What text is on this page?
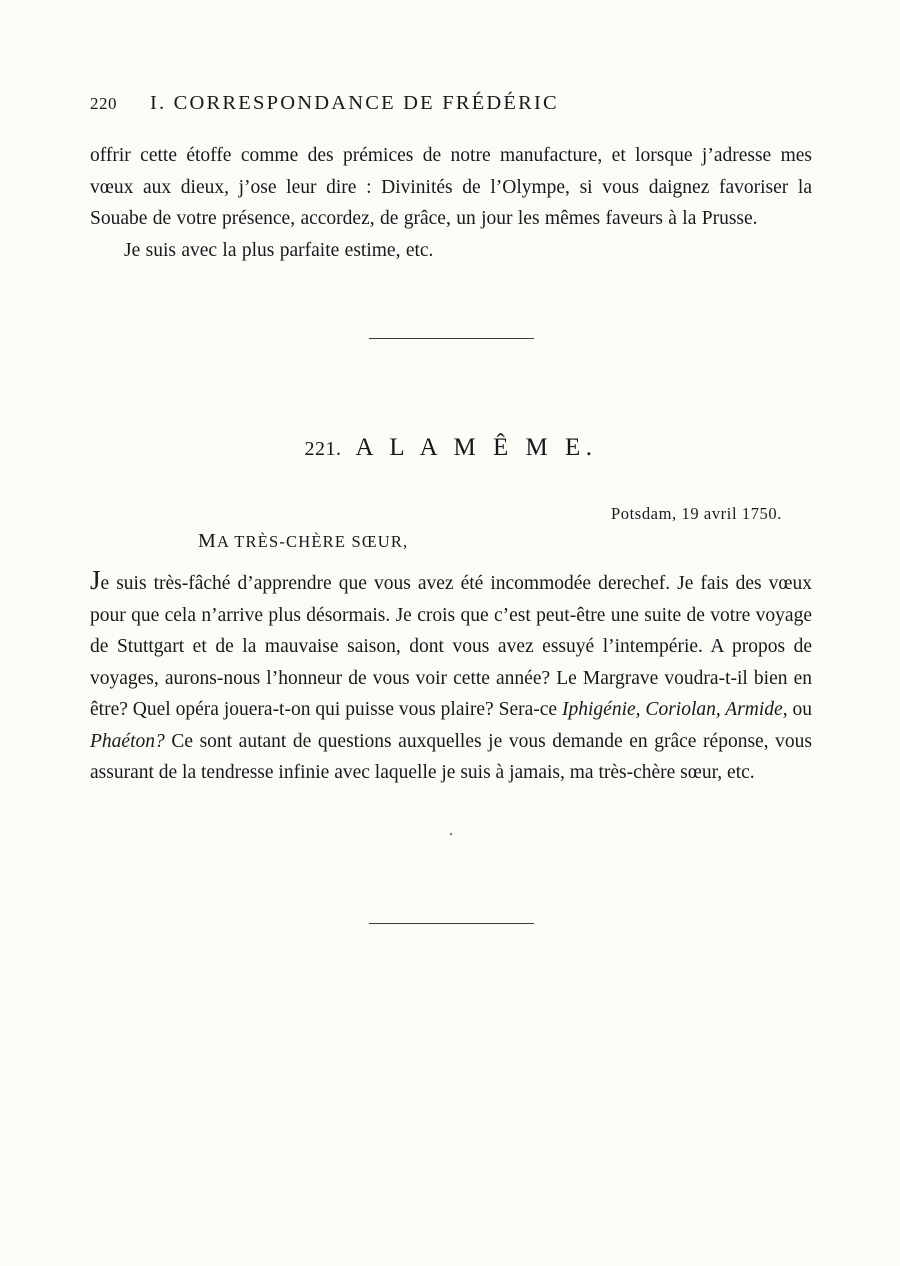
220	I. CORRESPONDANCE DE FRÉDÉRIC

offrir cette étoffe comme des prémices de notre manufacture, et lorsque j’adresse mes vœux aux dieux, j’ose leur dire : Divinités de l’Olympe, si vous daignez favoriser la Souabe de votre présence, accordez, de grâce, un jour les mêmes faveurs à la Prusse.

Je suis avec la plus parfaite estime, etc.

221. A L A M Ê M E.
Potsdam, 19 avril 1750.
MA TRÈS-CHÈRE SŒUR,

Je suis très-fâché d’apprendre que vous avez été incommodée derechef. Je fais des vœux pour que cela n’arrive plus désormais. Je crois que c’est peut-être une suite de votre voyage de Stuttgart et de la mauvaise saison, dont vous avez essuyé l’intempérie. A propos de voyages, aurons-nous l’honneur de vous voir cette année? Le Margrave voudra-t-il bien en être? Quel opéra jouera-t-on qui puisse vous plaire? Sera-ce Iphigénie, Coriolan, Armide, ou Phaéton? Ce sont autant de questions auxquelles je vous demande en grâce réponse, vous assurant de la tendresse infinie avec laquelle je suis à jamais, ma très-chère sœur, etc.

.
